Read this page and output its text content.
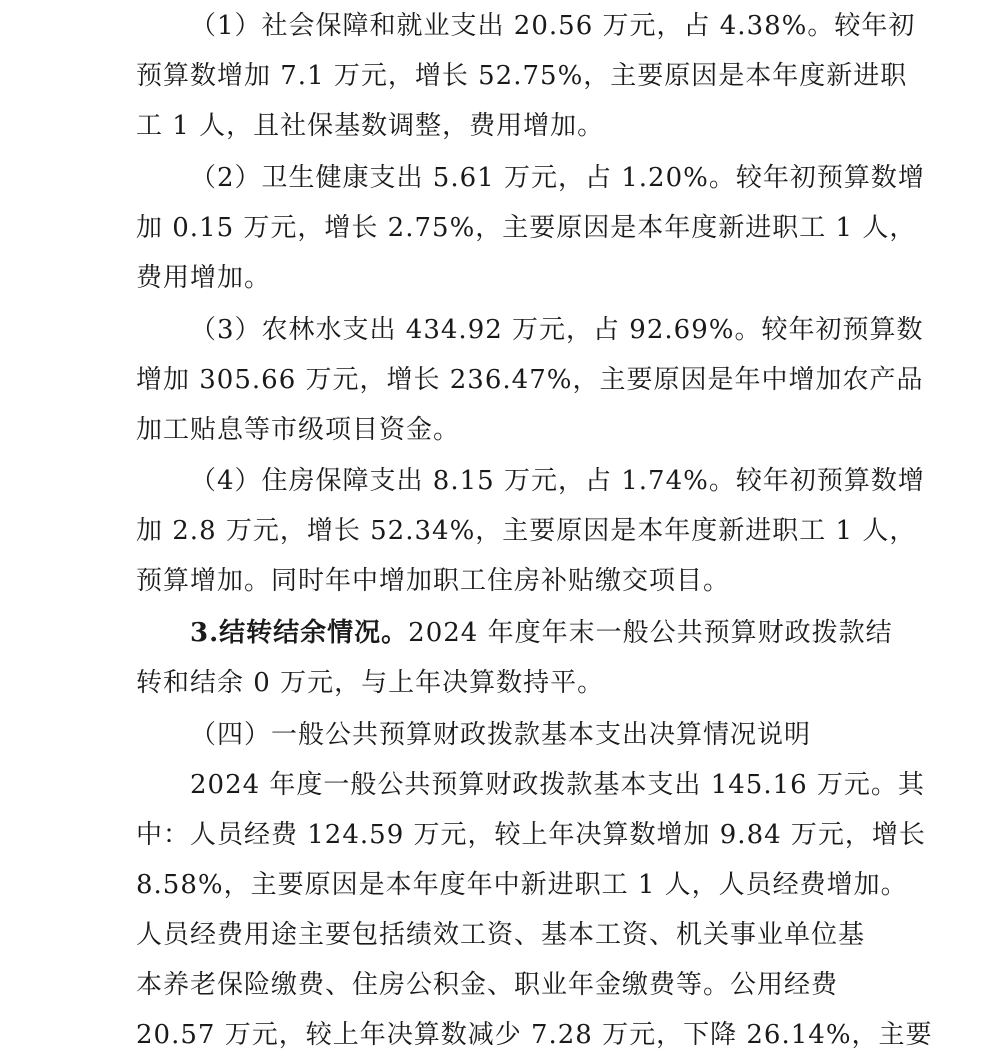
（1）社会保障和就业支出 20.56 万元，占 4.38%。较年初
预算数增加 7.1 万元，增长 52.75%，主要原因是本年度新进职
工 1 人，且社保基数调整，费用增加。
（2）卫生健康支出 5.61 万元，占 1.20%。较年初预算数增
加 0.15 万元，增长 2.75%，主要原因是本年度新进职工 1 人，
费用增加。
（3）农林水支出 434.92 万元，占 92.69%。较年初预算数
增加 305.66 万元，增长 236.47%，主要原因是年中增加农产品
加工贴息等市级项目资金。
（4）住房保障支出 8.15 万元，占 1.74%。较年初预算数增
加 2.8 万元，增长 52.34%，主要原因是本年度新进职工 1 人，
预算增加。同时年中增加职工住房补贴缴交项目。
3.结转结余情况。2024 年度年末一般公共预算财政拨款结
转和结余 0 万元，与上年决算数持平。
（四）一般公共预算财政拨款基本支出决算情况说明
2024 年度一般公共预算财政拨款基本支出 145.16 万元。其
中：人员经费 124.59 万元，较上年决算数增加 9.84 万元，增长
8.58%，主要原因是本年度年中新进职工 1 人，人员经费增加。
人员经费用途主要包括绩效工资、基本工资、机关事业单位基
本养老保险缴费、住房公积金、职业年金缴费等。公用经费
20.57 万元，较上年决算数减少 7.28 万元，下降 26.14%，主要
